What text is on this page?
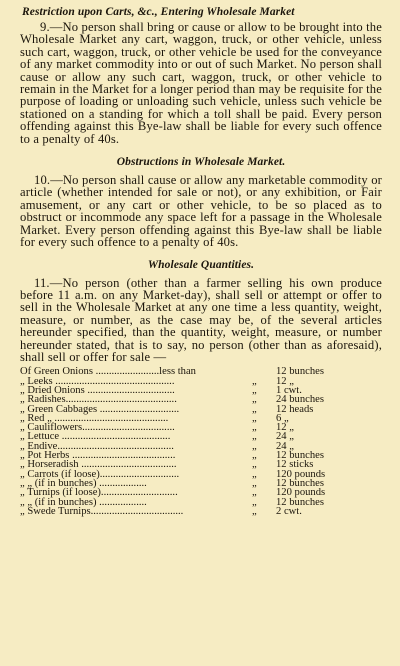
Restriction upon Carts, &c., Entering Wholesale Market

9.—No person shall bring or cause or allow to be brought into the Wholesale Market any cart, waggon, truck, or other vehicle, unless such cart, waggon, truck, or other vehicle be used for the conveyance of any market commodity into or out of such Market. No person shall cause or allow any such cart, waggon, truck, or other vehicle to remain in the Market for a longer period than may be requisite for the purpose of loading or unloading such vehicle, unless such vehicle be stationed on a standing for which a toll shall be paid. Every person offending against this Bye-law shall be liable for every such offence to a penalty of 40s.

Obstructions in Wholesale Market.

10.—No person shall cause or allow any marketable commodity or article (whether intended for sale or not), or any exhibition, or Fair amusement, or any cart or other vehicle, to be so placed as to obstruct or incommode any space left for a passage in the Wholesale Market. Every person offending against this Bye-law shall be liable for every such offence to a penalty of 40s.

Wholesale Quantities.

11.—No person (other than a farmer selling his own produce before 11 a.m. on any Market-day), shall sell or attempt or offer to sell in the Wholesale Market at any one time a less quantity, weight, measure, or number, as the case may be, of the several articles hereunder specified, than the quantity, weight, measure, or number hereunder stated, that is to say, no person (other than as aforesaid), shall sell or offer for sale —

Of Green Onions ........................less than	12 bunches
„ Leeks .............................................	„ 12 „
„ Dried Onions .................................	„ 1 cwt.
„ Radishes..........................................	„ 24 bunches
„ Green Cabbages ..............................	„ 12 heads
„ Red „ ...........................................	„ 6 „
„ Cauliflowers...................................	„ 12 „
„ Lettuce .........................................	„ 24 „
„ Endive............................................	„ 24 „
„ Pot Herbs .......................................	„ 12 bunches
„ Horseradish ....................................	„ 12 sticks
„ Carrots (if loose)..............................	„ 120 pounds
„ „ (if in bunches) ..................	„ 12 bunches
„ Turnips (if loose).............................	„ 120 pounds
„ „ (if in bunches) ..................	„ 12 bunches
„ Swede Turnips...................................	„ 2 cwt.
